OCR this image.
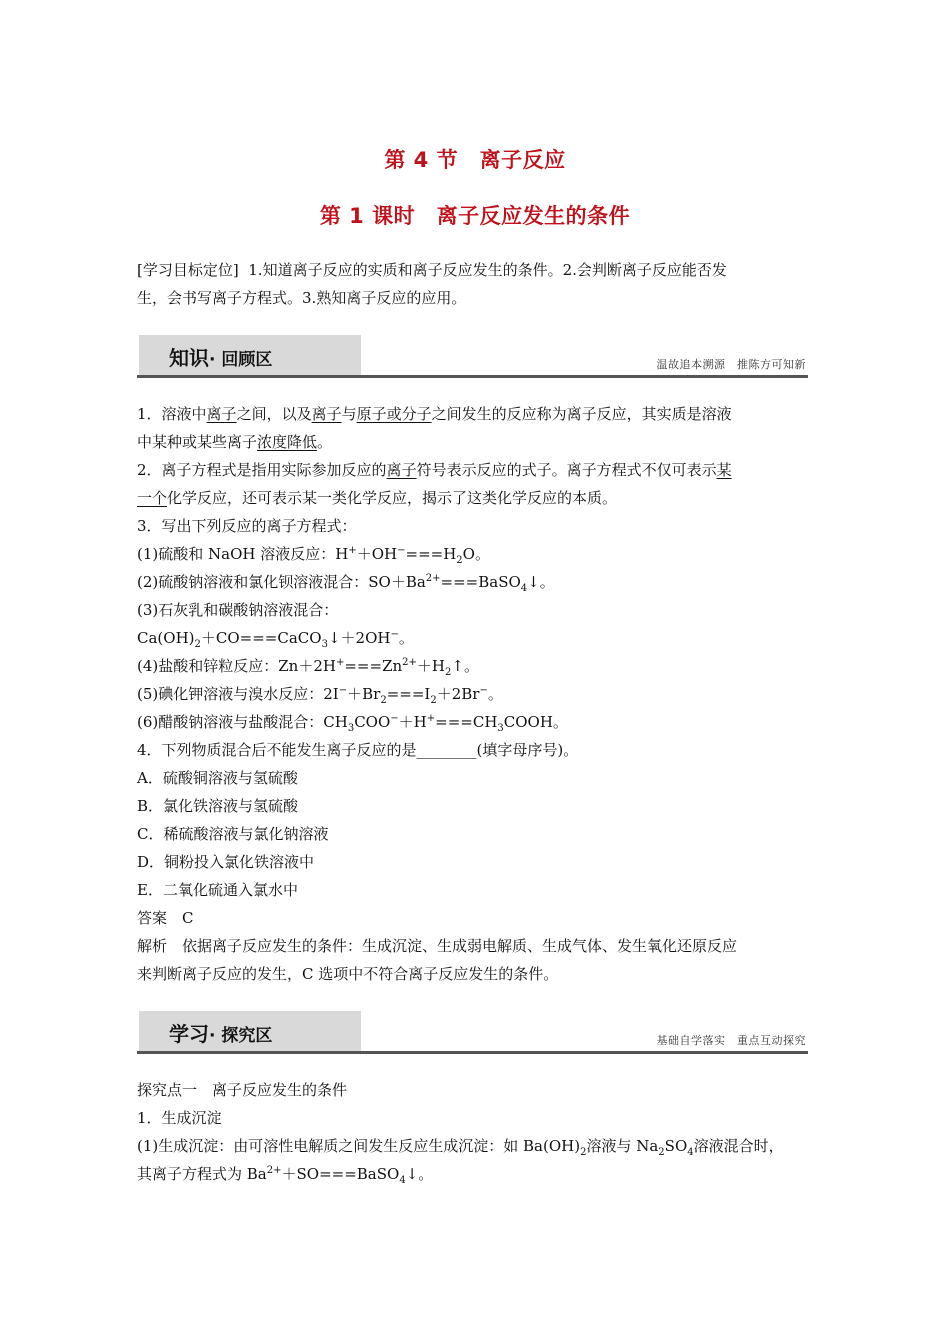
第 4 节　离子反应
第 1 课时　离子反应发生的条件
[学习目标定位] 1.知道离子反应的实质和离子反应发生的条件。2.会判断离子反应能否发
生，会书写离子方程式。3.熟知离子反应的应用。
知识· 回顾区	温故追本溯源　推陈方可知新
1．溶液中离子之间，以及离子与原子或分子之间发生的反应称为离子反应，其实质是溶液
中某种或某些离子浓度降低。
2．离子方程式是指用实际参加反应的离子符号表示反应的式子。离子方程式不仅可表示某
一个化学反应，还可表示某一类化学反应，揭示了这类化学反应的本质。
3．写出下列反应的离子方程式：
(1)硫酸和 NaOH 溶液反应：$H^++OH^-===H_2O$。
(2)硫酸钠溶液和氯化钡溶液混合：$SO+Ba^{2+}===BaSO_4↓$。
(3)石灰乳和碳酸钠溶液混合：
$Ca(OH)_2+CO===CaCO_3↓+2OH^-$。
(4)盐酸和锌粒反应：$Zn+2H^+===Zn^{2+}+H_2↑$。
(5)碘化钾溶液与溴水反应：$2I^-+Br_2===I_2+2Br^-$。
(6)醋酸钠溶液与盐酸混合：$CH_3COO^-+H^+===CH_3COOH$。
4．下列物质混合后不能发生离子反应的是________(填字母序号)。
A．硫酸铜溶液与氢硫酸
B．氯化铁溶液与氢硫酸
C．稀硫酸溶液与氯化钠溶液
D．铜粉投入氯化铁溶液中
E．二氧化硫通入氯水中
答案　C
解析　依据离子反应发生的条件：生成沉淀、生成弱电解质、生成气体、发生氧化还原反应
来判断离子反应的发生，C 选项中不符合离子反应发生的条件。
学习· 探究区	基础自学落实　重点互动探究
探究点一　离子反应发生的条件
1．生成沉淀
(1)生成沉淀：由可溶性电解质之间发生反应生成沉淀：如 $Ba(OH)_2$溶液与 $Na_2SO_4$溶液混合时，
其离子方程式为 $Ba^{2+}+SO===BaSO_4↓$。
